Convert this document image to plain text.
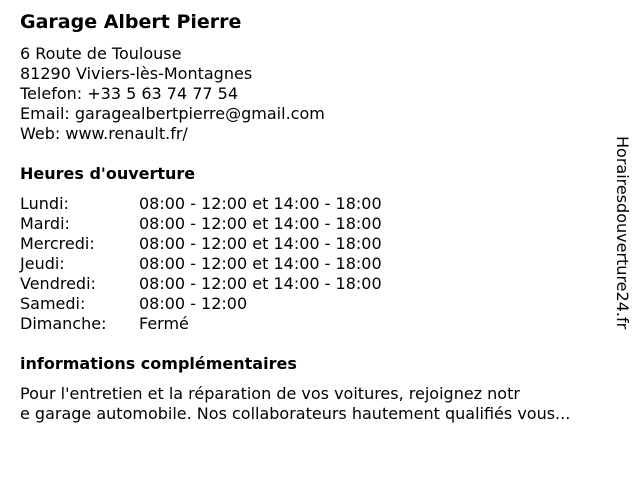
Garage Albert Pierre
6 Route de Toulouse
81290 Viviers-lès-Montagnes
Telefon: +33 5 63 74 77 54
Email: garagealbertpierre@gmail.com
Web: www.renault.fr/
Heures d'ouverture
Lundi:	08:00 - 12:00 et 14:00 - 18:00
Mardi:	08:00 - 12:00 et 14:00 - 18:00
Mercredi:	08:00 - 12:00 et 14:00 - 18:00
Jeudi:	08:00 - 12:00 et 14:00 - 18:00
Vendredi:	08:00 - 12:00 et 14:00 - 18:00
Samedi:	08:00 - 12:00
Dimanche: Fermé
informations complémentaires
Pour l'entretien et la réparation de vos voitures, rejoignez notr
e garage automobile. Nos collaborateurs hautement qualifiés vous...
Horairesdouverture24.fr
